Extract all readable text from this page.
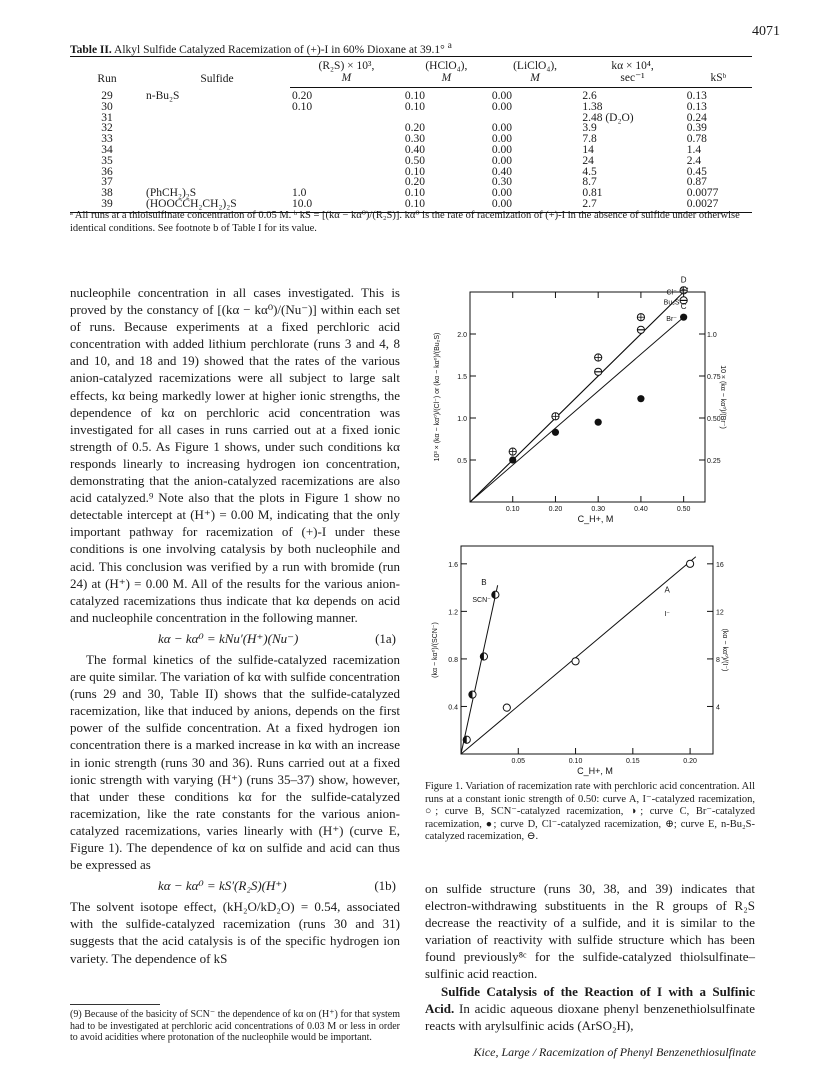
4071
Table II. Alkyl Sulfide Catalyzed Racemization of (+)-I in 60% Dioxane at 39.1° $^a$
Run	Sulfide	(R₂S) × 10³,	(HClO₄),	(LiClO₄),	kα × 10⁴,	
		M	M	M	sec⁻¹	kSᵇ
29	n-Bu₂S	0.20	0.10	0.00	2.6	0.13
30		0.10	0.10	0.00	1.38	0.13
31					2.48 (D₂O)	0.24
32			0.20	0.00	3.9	0.39
33			0.30	0.00	7.8	0.78
34			0.40	0.00	14	1.4
35			0.50	0.00	24	2.4
36			0.10	0.40	4.5	0.45
37			0.20	0.30	8.7	0.87
38	(PhCH₂)₂S	1.0	0.10	0.00	0.81	0.0077
39	(HOOCCH₂CH₂)₂S	10.0	0.10	0.00	2.7	0.0027
ᵃ All runs at a thiolsulfinate concentration of 0.05 M. ᵇ kS = [(kα − kα⁰)/(R₂S)]. kα⁰ is the rate of racemization of (+)-I in the absence of sulfide under otherwise identical conditions. See footnote b of Table I for its value.

nucleophile concentration in all cases investigated. This is proved by the constancy of [(kα − kα⁰)/(Nu⁻)] within each set of runs. Because experiments at a fixed perchloric acid concentration with added lithium perchlorate (runs 3 and 4, 8 and 10, and 18 and 19) showed that the rates of the various anion-catalyzed racemizations were all subject to large salt effects, kα being markedly lower at higher ionic strengths, the dependence of kα on perchloric acid concentration was investigated for all cases in runs carried out at a fixed ionic strength of 0.5. As Figure 1 shows, under such conditions kα responds linearly to increasing hydrogen ion concentration, demonstrating that the anion-catalyzed racemizations are also acid catalyzed.⁹ Note also that the plots in Figure 1 show no detectable intercept at (H⁺) = 0.00 M, indicating that the only important pathway for racemization of (+)-I under these conditions is one involving catalysis by both nucleophile and acid. This conclusion was verified by a run with bromide (run 24) at (H⁺) = 0.00 M. All of the results for the various anion-catalyzed racemizations thus indicate that kα depends on acid and nucleophile concentration in the following manner.

kα − kα⁰ = kNu′(H⁺)(Nu⁻)	(1a)

The formal kinetics of the sulfide-catalyzed racemization are quite similar. The variation of kα with sulfide concentration (runs 29 and 30, Table II) shows that the sulfide-catalyzed racemization, like that induced by anions, depends on the first power of the sulfide concentration. At a fixed hydrogen ion concentration there is a marked increase in kα with an increase in ionic strength (runs 30 and 36). Runs carried out at a fixed ionic strength with varying (H⁺) (runs 35–37) show, however, that under these conditions kα for the sulfide-catalyzed racemization, like the rate constants for the various anion-catalyzed racemizations, varies linearly with (H⁺) (curve E, Figure 1). The dependence of kα on sulfide and acid can thus be expressed as

kα − kα⁰ = kS′(R₂S)(H⁺)	(1b)

The solvent isotope effect, (kH₂O/kD₂O) = 0.54, associated with the sulfide-catalyzed racemization (runs 30 and 31) suggests that the acid catalysis is of the specific hydrogen ion variety. The dependence of kS

(9) Because of the basicity of SCN⁻ the dependence of kα on (H⁺) for that system had to be investigated at perchloric acid concentrations of 0.03 M or less in order to avoid acidities where protonation of the nucleophile would be important.
0.10	0.20	0.30	0.40	0.50
0.5
1.0
1.5
2.0
0.25
0.50
0.75
1.0
C_H+, M
10³ × (kα − kα⁰)/(Cl⁻) or (kα − kα⁰)/(Bu₂S)	10 × (kα − kα⁰)/(Br⁻)
D
Cl⁻ E
Bu₂S C
Br⁻
0.05	0.10	0.15	0.20
0.4
0.8
1.2
1.6
4
8
12
16
C_H+, M
(kα − kα⁰)/(SCN⁻)	(kα − kα⁰)/(I⁻)
B
SCN⁻
A
I⁻
Figure 1. Variation of racemization rate with perchloric acid concentration. All runs at a constant ionic strength of 0.50: curve A, I⁻-catalyzed racemization, ○; curve B, SCN⁻-catalyzed racemization, ◑; curve C, Br⁻-catalyzed racemization, ●; curve D, Cl⁻-catalyzed racemization, ⊕; curve E, n-Bu₂S-catalyzed racemization, ⊖.

on sulfide structure (runs 30, 38, and 39) indicates that electron-withdrawing substituents in the R groups of R₂S decrease the reactivity of a sulfide, and it is similar to the variation of reactivity with sulfide structure which has been found previously⁸ᶜ for the sulfide-catalyzed thiolsulfinate–sulfinic acid reaction.

Sulfide Catalysis of the Reaction of I with a Sulfinic Acid. In acidic aqueous dioxane phenyl benzenethiolsulfinate reacts with arylsulfinic acids (ArSO₂H),

Kice, Large / Racemization of Phenyl Benzenethiosulfinate
